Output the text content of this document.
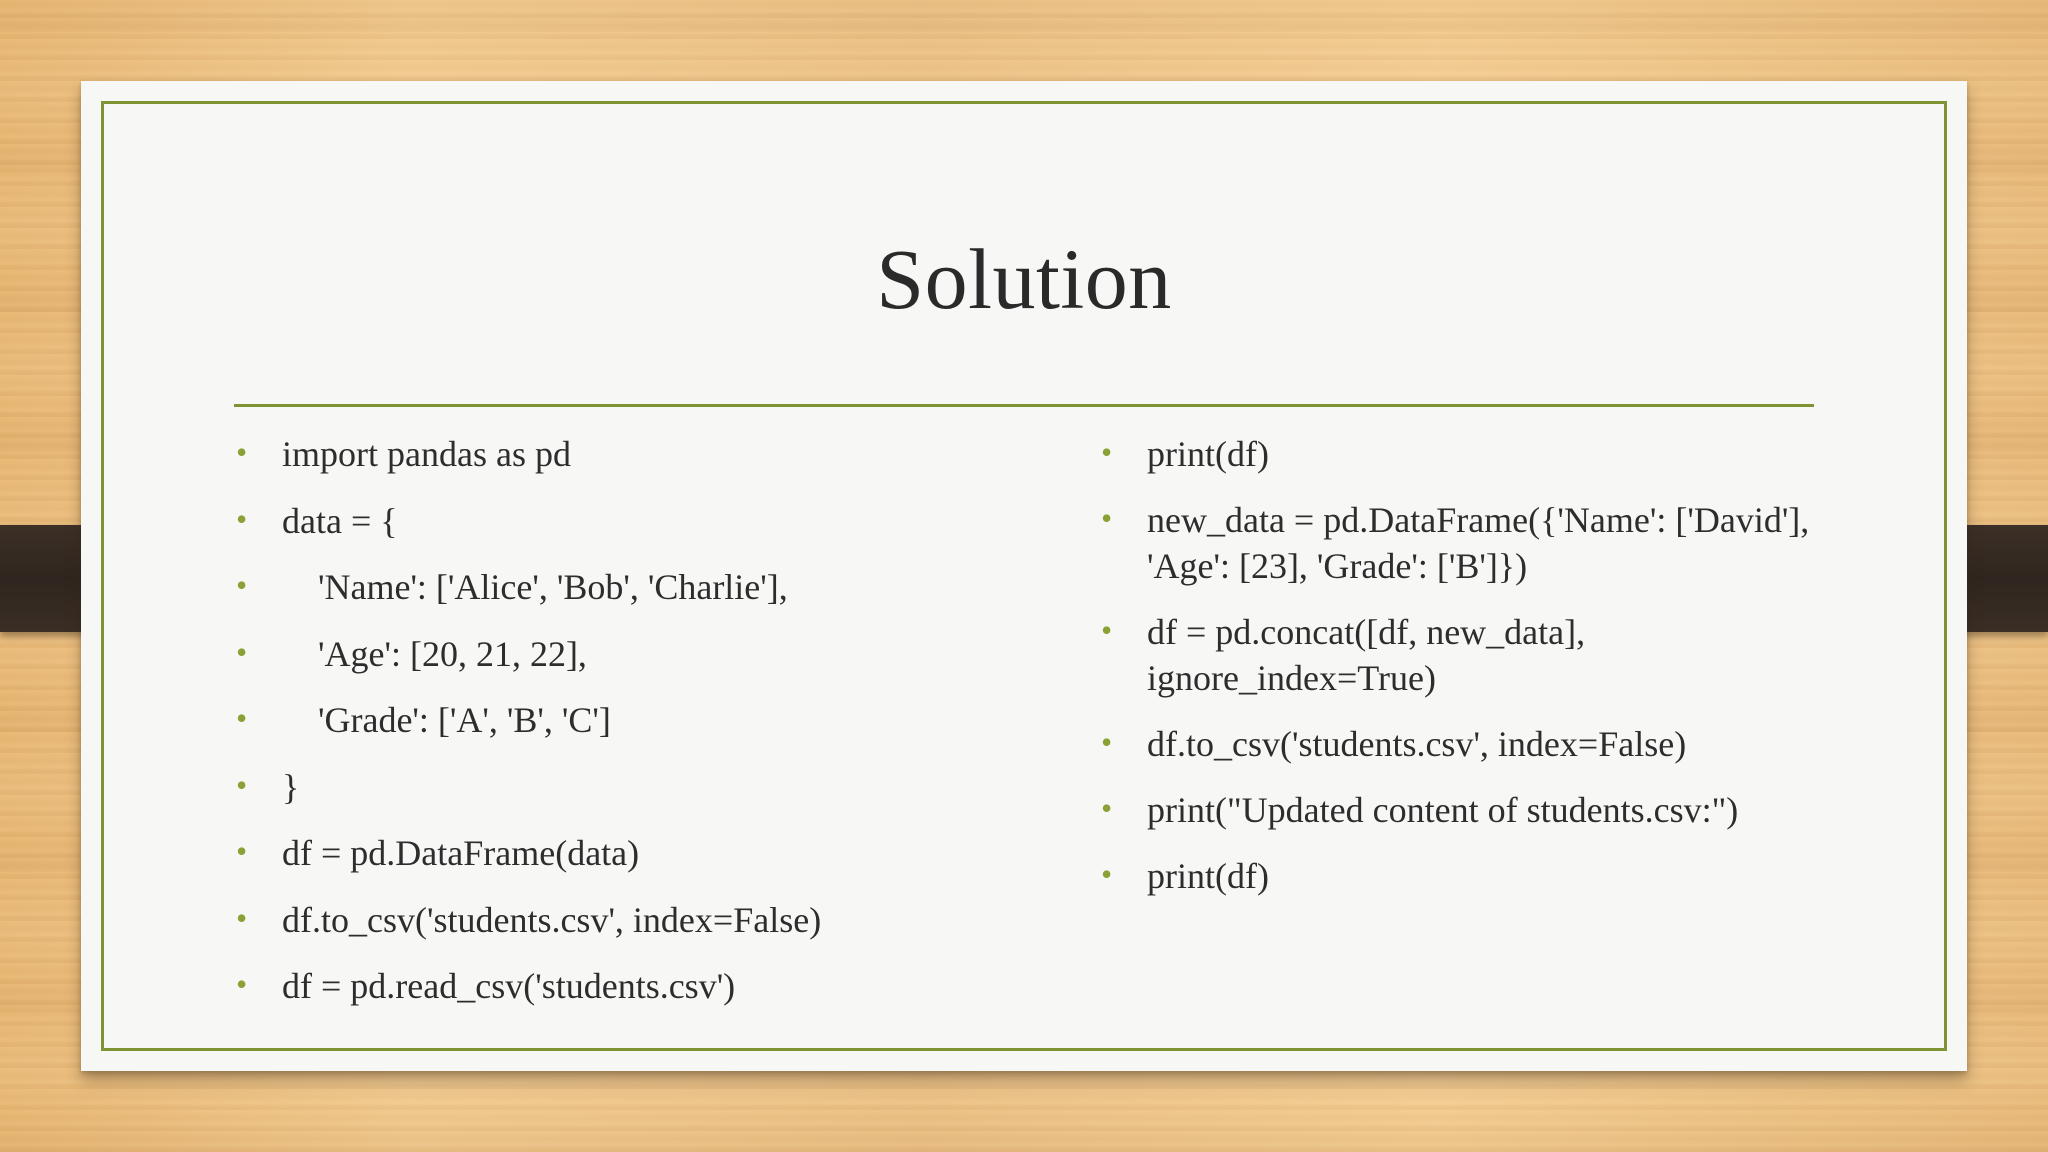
Solution
• import pandas as pd
• data = {
• 'Name': ['Alice', 'Bob', 'Charlie'],
• 'Age': [20, 21, 22],
• 'Grade': ['A', 'B', 'C']
• }
• df = pd.DataFrame(data)
• df.to_csv('students.csv', index=False)
• df = pd.read_csv('students.csv')
• print(df)
• new_data = pd.DataFrame({'Name': ['David'], 'Age': [23], 'Grade': ['B']})
• df = pd.concat([df, new_data], ignore_index=True)
• df.to_csv('students.csv', index=False)
• print("Updated content of students.csv:")
• print(df)
